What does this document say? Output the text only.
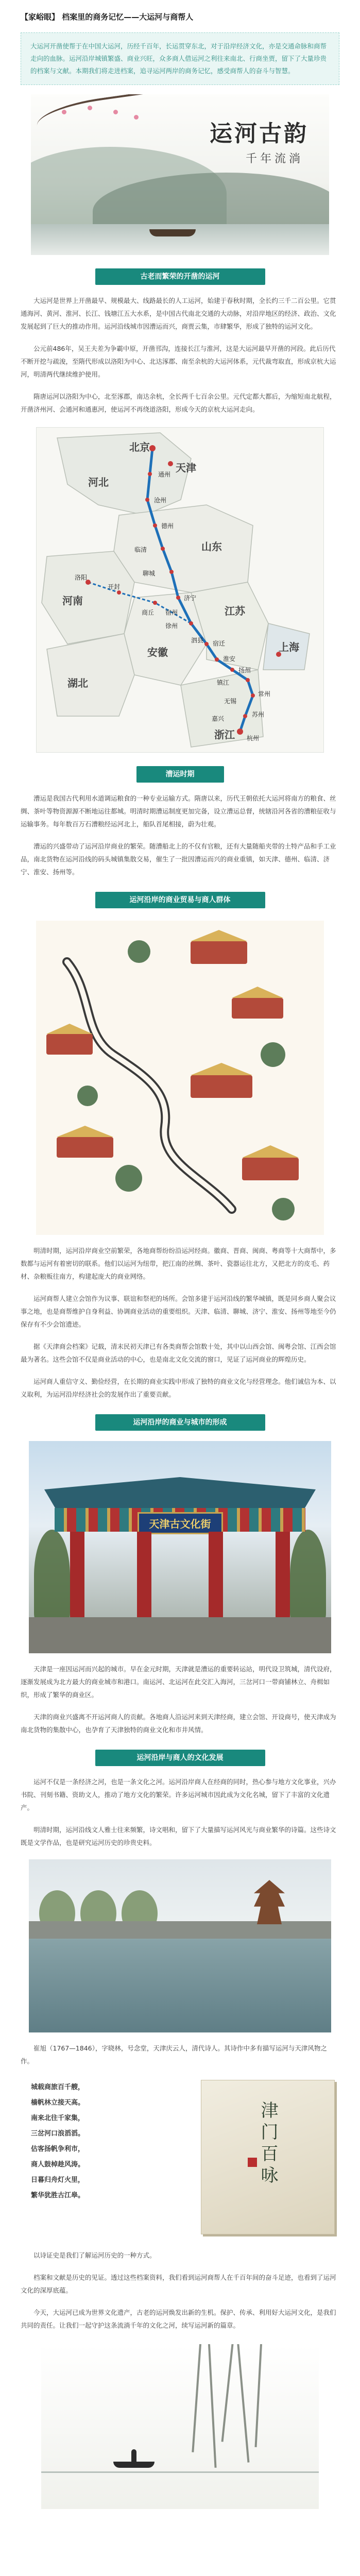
【家峪眼】 档案里的商务记忆——大运河与商帮人

大运河开凿使帮于在中国大运河，历经千百年，长运贯穿东北，对于沿岸经济文化，亦是交通命脉和商帮走向的血脉。运河沿岸城镇繁盛、商业兴旺，众多商人借运河之利往来南北、行商坐贾，留下了大量珍贵的档案与文献。本期我们将走进档案，追寻运河两岸的商务记忆，感受商帮人的奋斗与智慧。

运河古韵
千年流淌
古老而繁荣的开凿的运河

大运河是世界上开凿最早、规模最大、线路最长的人工运河，始建于春秋时期，全长约三千二百公里。它贯通海河、黄河、淮河、长江、钱塘江五大水系，是中国古代南北交通的大动脉，对沿岸地区的经济、政治、文化发展起到了巨大的推动作用。运河沿线城市因漕运而兴，商贾云集，市肆繁华，形成了独特的运河文化。

公元前486年，吴王夫差为争霸中原，开凿邗沟，连接长江与淮河，这是大运河最早开凿的河段。此后历代不断开挖与疏浚，至隋代形成以洛阳为中心、北达涿郡、南至余杭的大运河体系，元代裁弯取直，形成京杭大运河，明清两代继续维护使用。

隋唐运河以洛阳为中心，北至涿郡，南达余杭，全长两千七百余公里。元代定都大都后，为缩短南北航程，开凿济州河、会通河和通惠河，使运河不再绕道洛阳，形成今天的京杭大运河走向。

北京
河北
天津
山东
河南
安徽
江苏
浙江
湖北
上海
通州
沧州
德州
临清
聊城
济宁
徐州
宿迁
淮安
扬州
镇江
常州
无锡
苏州
嘉兴
杭州
洛阳
开封
商丘 宿州
泗县
漕运时期

漕运是我国古代利用水道调运粮食的一种专业运输方式。隋唐以来，历代王朝依托大运河将南方的粮食、丝绸、茶叶等物资源源不断地运往都城。明清时期漕运制度更加完备，设立漕运总督，统辖沿河各省的漕粮征收与运输事务。每年数百万石漕粮经运河北上，船队首尾相接，蔚为壮观。

漕运的兴盛带动了运河沿岸商业的繁荣。随漕船北上的不仅有官粮，还有大量随船夹带的土特产品和手工业品，南北货物在运河沿线的码头城镇集散交易，催生了一批因漕运而兴的商业重镇，如天津、德州、临清、济宁、淮安、扬州等。

运河沿岸的商业贸易与商人群体

明清时期，运河沿岸商业空前繁荣，各地商帮纷纷沿运河经商。徽商、晋商、闽商、粤商等十大商帮中，多数都与运河有着密切的联系。他们以运河为纽带，把江南的丝绸、茶叶、瓷器运往北方，又把北方的皮毛、药材、杂粮贩往南方，构建起庞大的商业网络。

运河商帮人建立会馆作为议事、联谊和祭祀的场所。会馆多建于运河沿线的繁华城镇，既是同乡商人聚会议事之地，也是商帮维护自身利益、协调商业活动的重要组织。天津、临清、聊城、济宁、淮安、扬州等地至今仍保存有不少会馆遗迹。

据《天津商会档案》记载，清末民初天津已有各类商帮会馆数十处，其中以山西会馆、闽粤会馆、江西会馆最为著名。这些会馆不仅是商业活动的中心，也是南北文化交流的窗口，见证了运河商业的辉煌历史。

运河商人重信守义、勤俭经营，在长期的商业实践中形成了独特的商业文化与经营理念。他们诚信为本、以义取利，为运河沿岸经济社会的发展作出了重要贡献。

运河沿岸的商业与城市的形成
天津古文化街

天津是一座因运河而兴起的城市。早在金元时期，天津就是漕运的重要转运站，明代设卫筑城，清代设府，逐渐发展成为北方最大的商业城市和港口。南运河、北运河在此交汇入海河，三岔河口一带商铺林立、舟楫如织，形成了繁华的商业区。

天津的商业兴盛离不开运河商人的贡献。各地商人沿运河来到天津经商，建立会馆、开设商号，使天津成为南北货物的集散中心，也孕育了天津独特的商业文化和市井风情。

运河沿岸与商人的文化发展

运河不仅是一条经济之河，也是一条文化之河。运河沿岸商人在经商的同时，热心参与地方文化事业，兴办书院、刊刻书籍、资助文人，推动了地方文化的繁荣。许多运河城市因此成为文化名城，留下了丰富的文化遗产。

明清时期，运河沿线文人雅士往来频繁，诗文唱和，留下了大量描写运河风光与商业繁华的诗篇。这些诗文既是文学作品，也是研究运河历史的珍贵史料。

崔旭（1767—1846），字晓林，号念堂，天津庆云人，清代诗人。其诗作中多有描写运河与天津风物之作。

城载商旅百千艘，
樯帆林立接天高。
南来北往千家集，
三岔河口浪滔滔。
估客扬帆争利市，
商人鼓棹趁风涛。
日暮归舟灯火里，
繁华犹胜古江皋。
津门百咏

以诗证史是我们了解运河历史的一种方式。

档案和文献是历史的见证。透过这些档案资料，我们看到运河商帮人在千百年间的奋斗足迹，也看到了运河文化的深厚底蕴。

今天，大运河已成为世界文化遗产，古老的运河焕发出新的生机。保护、传承、利用好大运河文化，是我们共同的责任。让我们一起守护这条流淌千年的文化之河，续写运河新的篇章。
